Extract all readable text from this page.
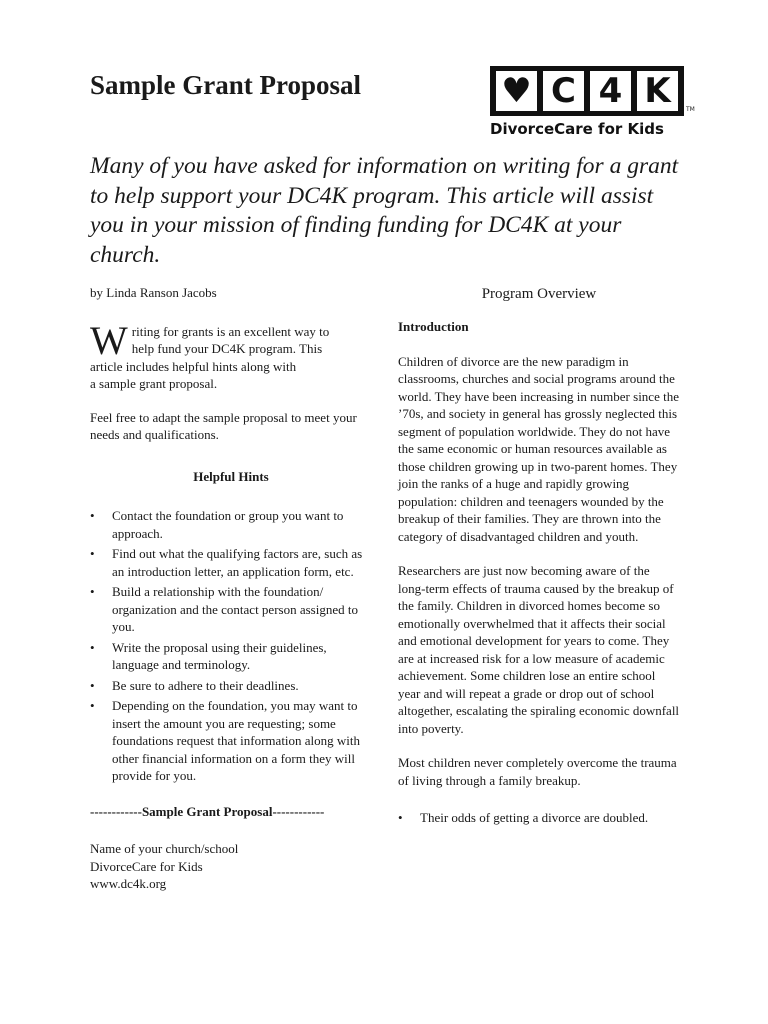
Sample Grant Proposal	♥ C 4 K	TM
DivorceCare for Kids

Many of you have asked for information on writing for a grant to help support your DC4K program. This article will assist you in your mission of finding funding for DC4K at your church.

by Linda Ranson Jacobs

W riting for grants is an excellent way to
help fund your DC4K program. This
article includes helpful hints along with
a sample grant proposal.

Feel free to adapt the sample proposal to meet your needs and qualifications.

Helpful Hints

• Contact the foundation or group you want to approach.
• Find out what the qualifying factors are, such as an introduction letter, an application form, etc.
• Build a relationship with the foundation/ organization and the contact person assigned to you.
• Write the proposal using their guidelines, language and terminology.
• Be sure to adhere to their deadlines.
• Depending on the foundation, you may want to insert the amount you are requesting; some foundations request that information along with other financial information on a form they will provide for you.

------------Sample Grant Proposal------------

Name of your church/school

DivorceCare for Kids

www.dc4k.org

Program Overview

Introduction

Children of divorce are the new paradigm in classrooms, churches and social programs around the world. They have been increasing in number since the ’70s, and society in general has grossly neglected this segment of population worldwide. They do not have the same economic or human resources available as those children growing up in two-parent homes. They join the ranks of a huge and rapidly growing population: children and teenagers wounded by the breakup of their families. They are thrown into the category of disadvantaged children and youth.

Researchers are just now becoming aware of the long-term effects of trauma caused by the breakup of the family. Children in divorced homes become so emotionally overwhelmed that it affects their social and emotional development for years to come. They are at increased risk for a low measure of academic achievement. Some children lose an entire school year and will repeat a grade or drop out of school altogether, escalating the spiraling economic downfall into poverty.

Most children never completely overcome the trauma of living through a family breakup.

• Their odds of getting a divorce are doubled.
